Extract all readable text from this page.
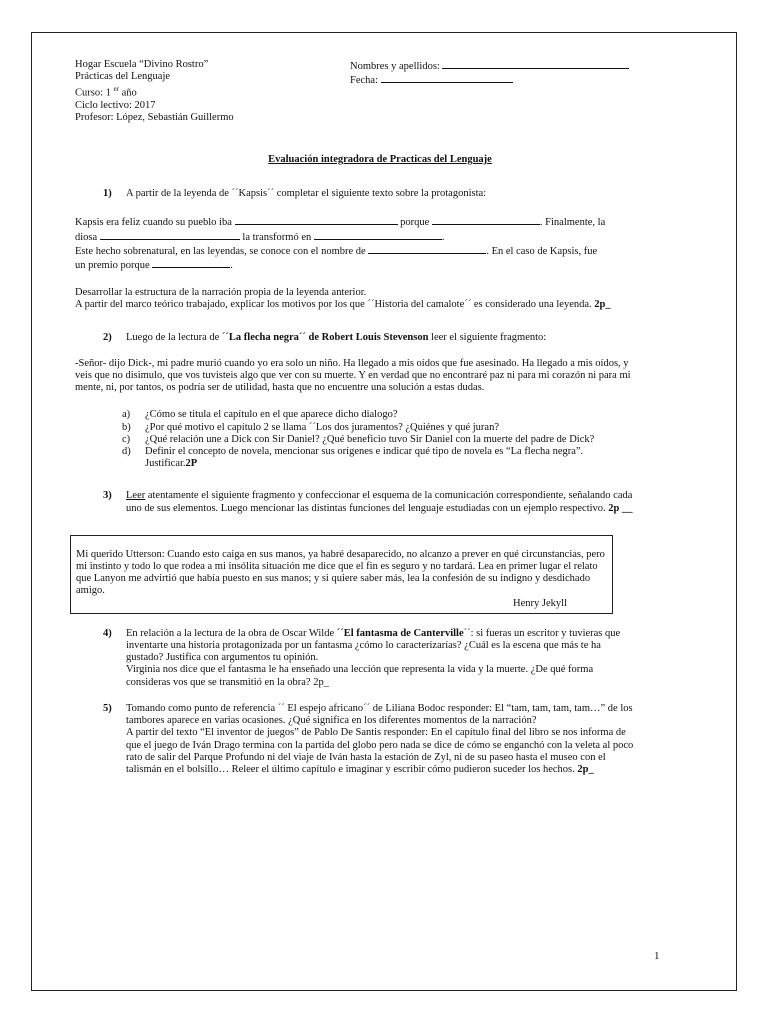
Hogar Escuela “Divino Rostro”
Prácticas del Lenguaje
Curso: 1 $^{er}$ año
Ciclo lectivo: 2017
Profesor: López, Sebastián Guillermo
Nombres y apellidos:
Fecha:
Evaluación integradora de Practicas del Lenguaje
1)	A partir de la leyenda de ´´Kapsis´´ completar el siguiente texto sobre la protagonista:

Kapsis era feliz cuando su pueblo iba	porque	. Finalmente, la

diosa	la transformó en	.

Este hecho sobrenatural, en las leyendas, se conoce con el nombre de	. En el caso de Kapsis, fue

un premio porque	.

Desarrollar la estructura de la narración propia de la leyenda anterior.

A partir del marco teórico trabajado, explicar los motivos por los que ´´Historia del camalote´´ es considerado una leyenda. 2p_

2)	Luego de la lectura de ´´La flecha negra´´ de Robert Louis Stevenson leer el siguiente fragmento:
-Señor- dijo Dick-, mi padre murió cuando yo era solo un niño. Ha llegado a mis oídos que fue asesinado. Ha llegado a mis oídos, y veis que no disimulo, que vos tuvisteis algo que ver con su muerte. Y en verdad que no encontraré paz ni para mi corazón ni para mi mente, ni, por tantos, os podría ser de utilidad, hasta que no encuentre una solución a estas dudas.
a)	¿Cómo se titula el capítulo en el que aparece dicho dialogo?
b)	¿Por qué motivo el capítulo 2 se llama ´´Los dos juramentos? ¿Quiénes y qué juran?
c)	¿Qué relación une a Dick con Sir Daniel? ¿Qué beneficio tuvo Sir Daniel con la muerte del padre de Dick?
d)	Definir el concepto de novela, mencionar sus orígenes e indicar qué tipo de novela es “La flecha negra”. Justificar.2P
3)	Leer atentamente el siguiente fragmento y confeccionar el esquema de la comunicación correspondiente, señalando cada uno de sus elementos. Luego mencionar las distintas funciones del lenguaje estudiadas con un ejemplo respectivo. 2p __

Mi querido Utterson: Cuando esto caiga en sus manos, ya habré desaparecido, no alcanzo a prever en qué circunstancias, pero mi instinto y todo lo que rodea a mi insólita situación me dice que el fin es seguro y no tardará. Lea en primer lugar el relato que Lanyon me advirtió que había puesto en sus manos; y si quiere saber más, lea la confesión de su indigno y desdichado amigo.

Henry Jekyll

4)	En relación a la lectura de la obra de Oscar Wilde ´´El fantasma de Canterville´´: si fueras un escritor y tuvieras que inventarte una historia protagonizada por un fantasma ¿cómo lo caracterizarías? ¿Cuál es la escena que más te ha gustado? Justifica con argumentos tu opinión.

Virginia nos dice que el fantasma le ha enseñado una lección que representa la vida y la muerte. ¿De qué forma consideras vos que se transmitió en la obra? 2p_

5)	Tomando como punto de referencia ´´ El espejo africano´´ de Liliana Bodoc responder: El “tam, tam, tam, tam…” de los tambores aparece en varias ocasiones. ¿Qué significa en los diferentes momentos de la narración?

A partir del texto “El inventor de juegos” de Pablo De Santis responder: En el capítulo final del libro se nos informa de que el juego de Iván Drago termina con la partida del globo pero nada se dice de cómo se enganchó con la veleta al poco rato de salir del Parque Profundo ni del viaje de Iván hasta la estación de Zyl, ni de su paseo hasta el museo con el talismán en el bolsillo… Releer el último capítulo e imaginar y escribir cómo pudieron suceder los hechos. 2p_

1
